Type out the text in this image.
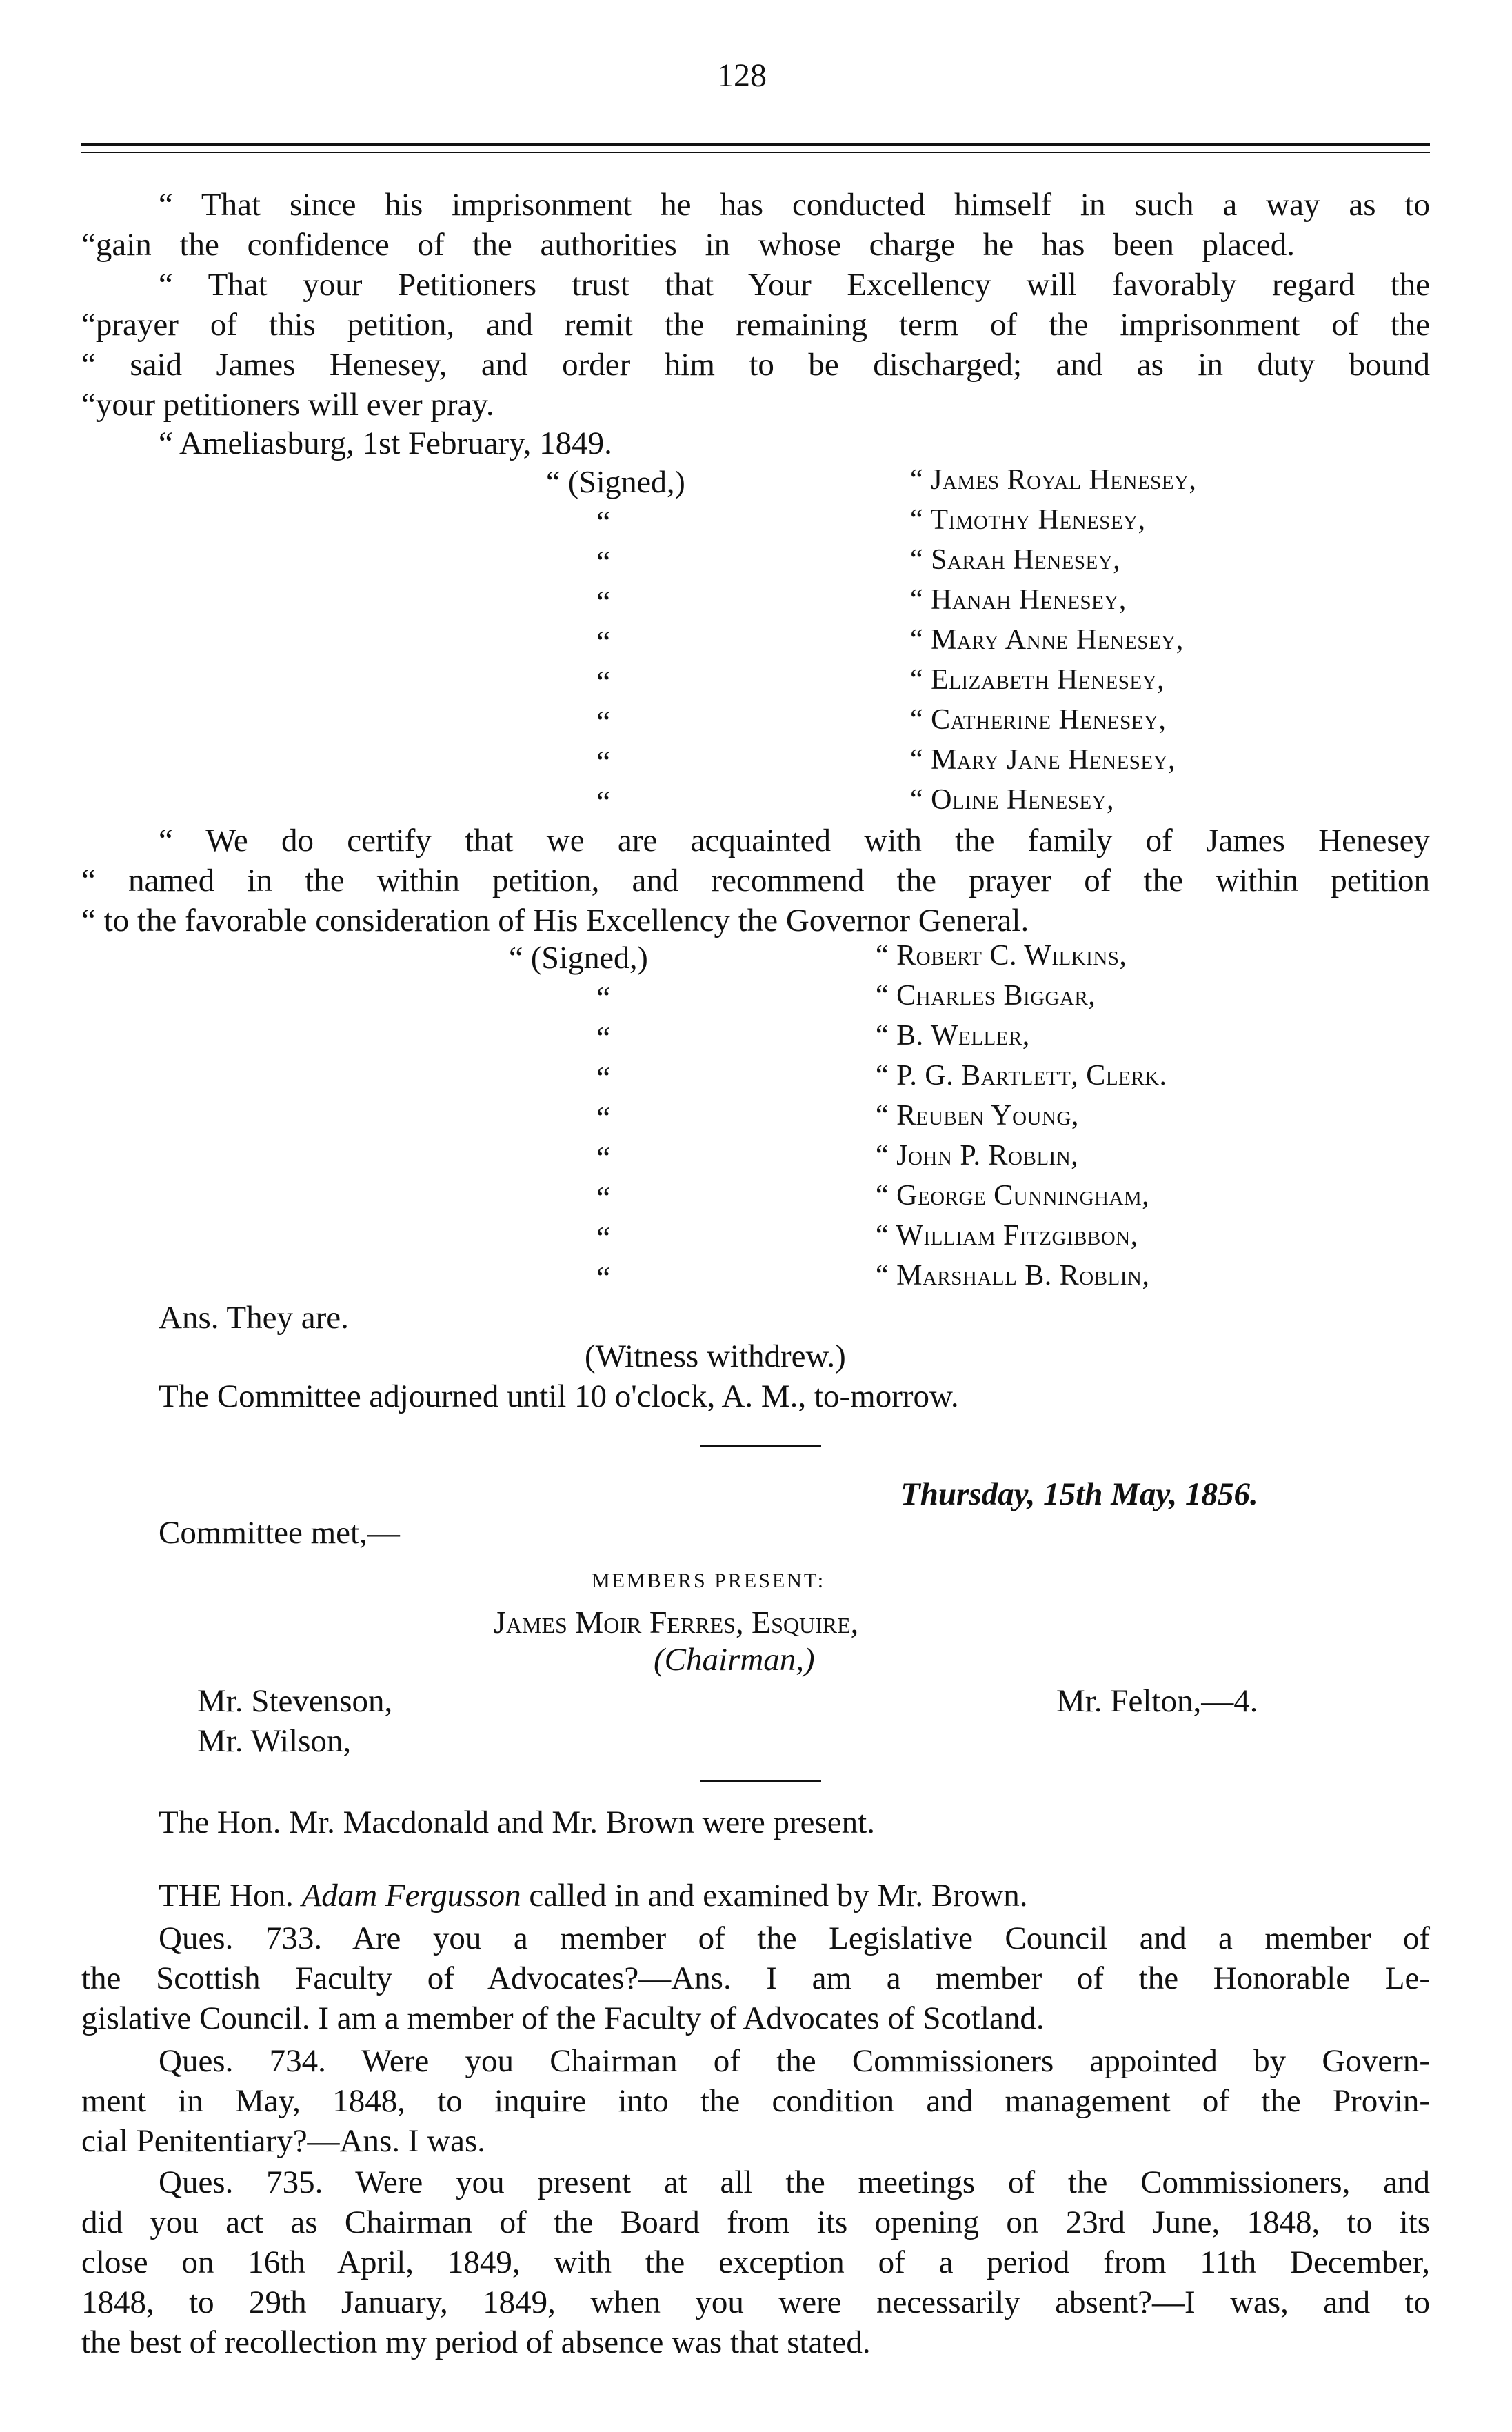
128
“ That since his imprisonment he has conducted himself in such a way as to
“gain the confidence of the authorities in whose charge he has been placed.
“ That your Petitioners trust that Your Excellency will favorably regard the
“prayer of this petition, and remit the remaining term of the imprisonment of the
“ said James Henesey, and order him to be discharged; and as in duty bound
“your petitioners will ever pray.
“ Ameliasburg, 1st February, 1849.
“ (Signed,)
“
“
“
“
“
“
“
“
“ James Royal Henesey,
“ Timothy Henesey,
“ Sarah Henesey,
“ Hanah Henesey,
“ Mary Anne Henesey,
“ Elizabeth Henesey,
“ Catherine Henesey,
“ Mary Jane Henesey,
“ Oline Henesey,
“ We do certify that we are acquainted with the family of James Henesey
“ named in the within petition, and recommend the prayer of the within petition
“ to the favorable consideration of His Excellency the Governor General.
“ (Signed,)
“
“
“
“
“
“
“
“
“ Robert C. Wilkins,
“ Charles Biggar,
“ B. Weller,
“ P. G. Bartlett, Clerk.
“ Reuben Young,
“ John P. Roblin,
“ George Cunningham,
“ William Fitzgibbon,
“ Marshall B. Roblin,
Ans. They are.
(Witness withdrew.)
The Committee adjourned until 10 o'clock, A. M., to-morrow.
Thursday, 15th May, 1856.
Committee met,—
MEMBERS PRESENT:
James Moir Ferres, Esquire,
(Chairman,)
Mr. Stevenson,
Mr. Wilson,
Mr. Felton,—4.
The Hon. Mr. Macdonald and Mr. Brown were present.
THE Hon. Adam Fergusson called in and examined by Mr. Brown.
Ques. 733. Are you a member of the Legislative Council and a member of
the Scottish Faculty of Advocates?—Ans. I am a member of the Honorable Le-
gislative Council. I am a member of the Faculty of Advocates of Scotland.
Ques. 734. Were you Chairman of the Commissioners appointed by Govern-
ment in May, 1848, to inquire into the condition and management of the Provin-
cial Penitentiary?—Ans. I was.
Ques. 735. Were you present at all the meetings of the Commissioners, and
did you act as Chairman of the Board from its opening on 23rd June, 1848, to its
close on 16th April, 1849, with the exception of a period from 11th December,
1848, to 29th January, 1849, when you were necessarily absent?—I was, and to
the best of recollection my period of absence was that stated.
